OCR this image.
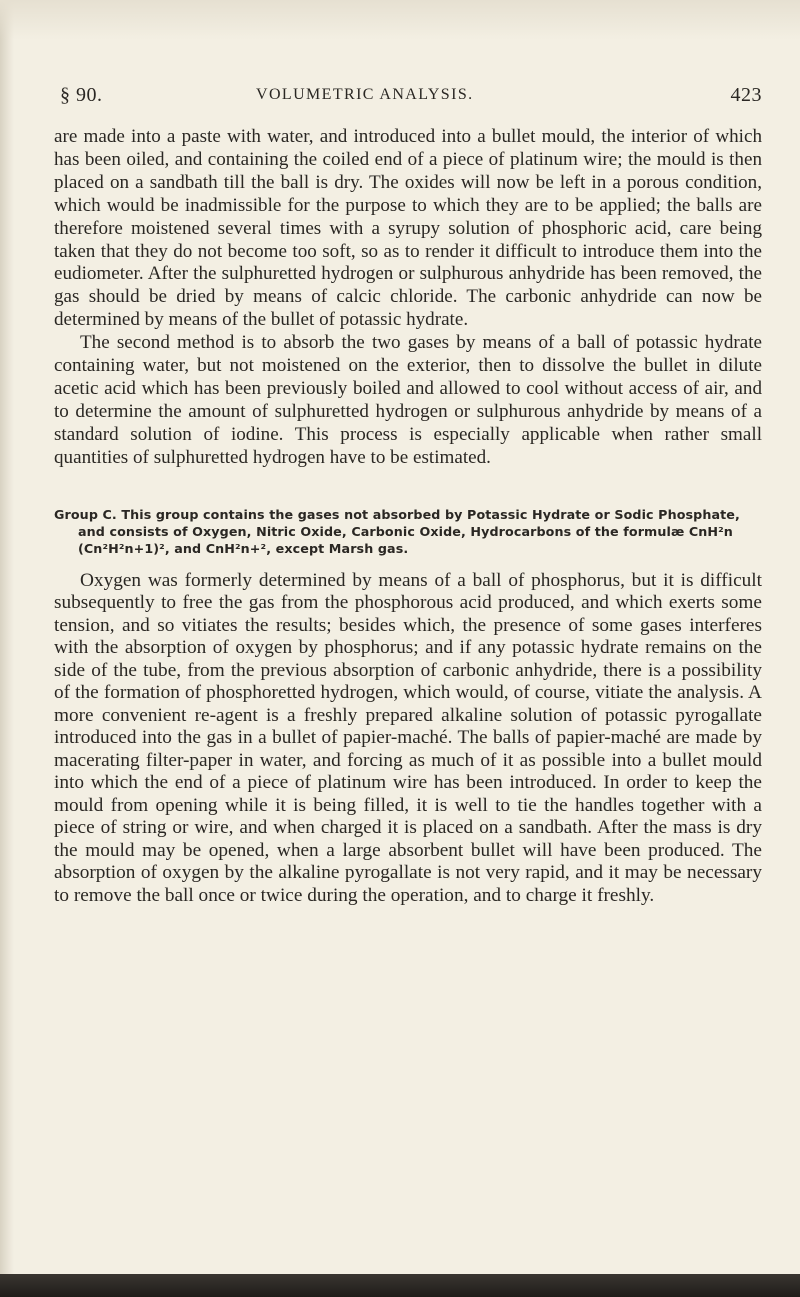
§ 90.	VOLUMETRIC ANALYSIS.	423

are made into a paste with water, and introduced into a bullet mould, the interior of which has been oiled, and containing the coiled end of a piece of platinum wire; the mould is then placed on a sandbath till the ball is dry. The oxides will now be left in a porous condition, which would be inadmissible for the purpose to which they are to be applied; the balls are therefore moistened several times with a syrupy solution of phosphoric acid, care being taken that they do not become too soft, so as to render it difficult to introduce them into the eudiometer. After the sulphuretted hydrogen or sulphurous anhydride has been removed, the gas should be dried by means of calcic chloride. The carbonic anhydride can now be determined by means of the bullet of potassic hydrate.

The second method is to absorb the two gases by means of a ball of potassic hydrate containing water, but not moistened on the exterior, then to dissolve the bullet in dilute acetic acid which has been previously boiled and allowed to cool without access of air, and to determine the amount of sulphuretted hydrogen or sulphurous anhydride by means of a standard solution of iodine. This process is especially applicable when rather small quantities of sulphuretted hydrogen have to be estimated.

Group C. This group contains the gases not absorbed by Potassic Hydrate or Sodic Phosphate, and consists of Oxygen, Nitric Oxide, Carbonic Oxide, Hydrocarbons of the formulæ CnH²n (Cn²H²n+1)², and CnH²n+², except Marsh gas.

Oxygen was formerly determined by means of a ball of phosphorus, but it is difficult subsequently to free the gas from the phosphorous acid produced, and which exerts some tension, and so vitiates the results; besides which, the presence of some gases interferes with the absorption of oxygen by phosphorus; and if any potassic hydrate remains on the side of the tube, from the previous absorption of carbonic anhydride, there is a possibility of the formation of phosphoretted hydrogen, which would, of course, vitiate the analysis. A more convenient re-agent is a freshly prepared alkaline solution of potassic pyrogallate introduced into the gas in a bullet of papier-maché. The balls of papier-maché are made by macerating filter-paper in water, and forcing as much of it as possible into a bullet mould into which the end of a piece of platinum wire has been introduced. In order to keep the mould from opening while it is being filled, it is well to tie the handles together with a piece of string or wire, and when charged it is placed on a sandbath. After the mass is dry the mould may be opened, when a large absorbent bullet will have been produced. The absorption of oxygen by the alkaline pyrogallate is not very rapid, and it may be necessary to remove the ball once or twice during the operation, and to charge it freshly.
